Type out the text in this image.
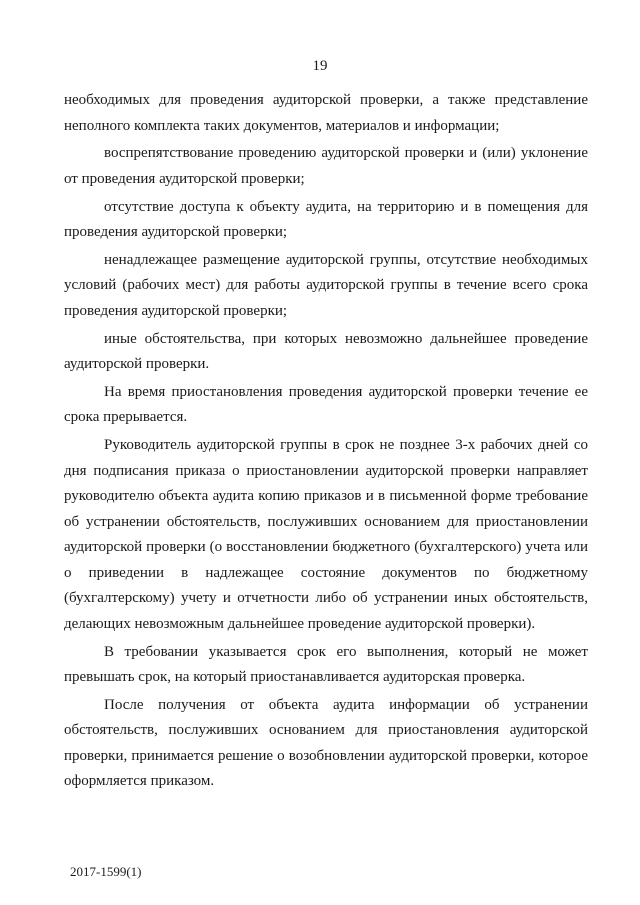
19

необходимых для проведения аудиторской проверки, а также представление неполного комплекта таких документов, материалов и информации;

воспрепятствование проведению аудиторской проверки и (или) уклонение от проведения аудиторской проверки;

отсутствие доступа к объекту аудита, на территорию и в помещения для проведения аудиторской проверки;

ненадлежащее размещение аудиторской группы, отсутствие необходимых условий (рабочих мест) для работы аудиторской группы в течение всего срока проведения аудиторской проверки;

иные обстоятельства, при которых невозможно дальнейшее проведение аудиторской проверки.

На время приостановления проведения аудиторской проверки течение ее срока прерывается.

Руководитель аудиторской группы в срок не позднее 3-х рабочих дней со дня подписания приказа о приостановлении аудиторской проверки направляет руководителю объекта аудита копию приказов и в письменной форме требование об устранении обстоятельств, послуживших основанием для приостановлении аудиторской проверки (о восстановлении бюджетного (бухгалтерского) учета или о приведении в надлежащее состояние документов по бюджетному (бухгалтерскому) учету и отчетности либо об устранении иных обстоятельств, делающих невозможным дальнейшее проведение аудиторской проверки).

В требовании указывается срок его выполнения, который не может превышать срок, на который приостанавливается аудиторская проверка.

После получения от объекта аудита информации об устранении обстоятельств, послуживших основанием для приостановления аудиторской проверки, принимается решение о возобновлении аудиторской проверки, которое оформляется приказом.

2017-1599(1)
